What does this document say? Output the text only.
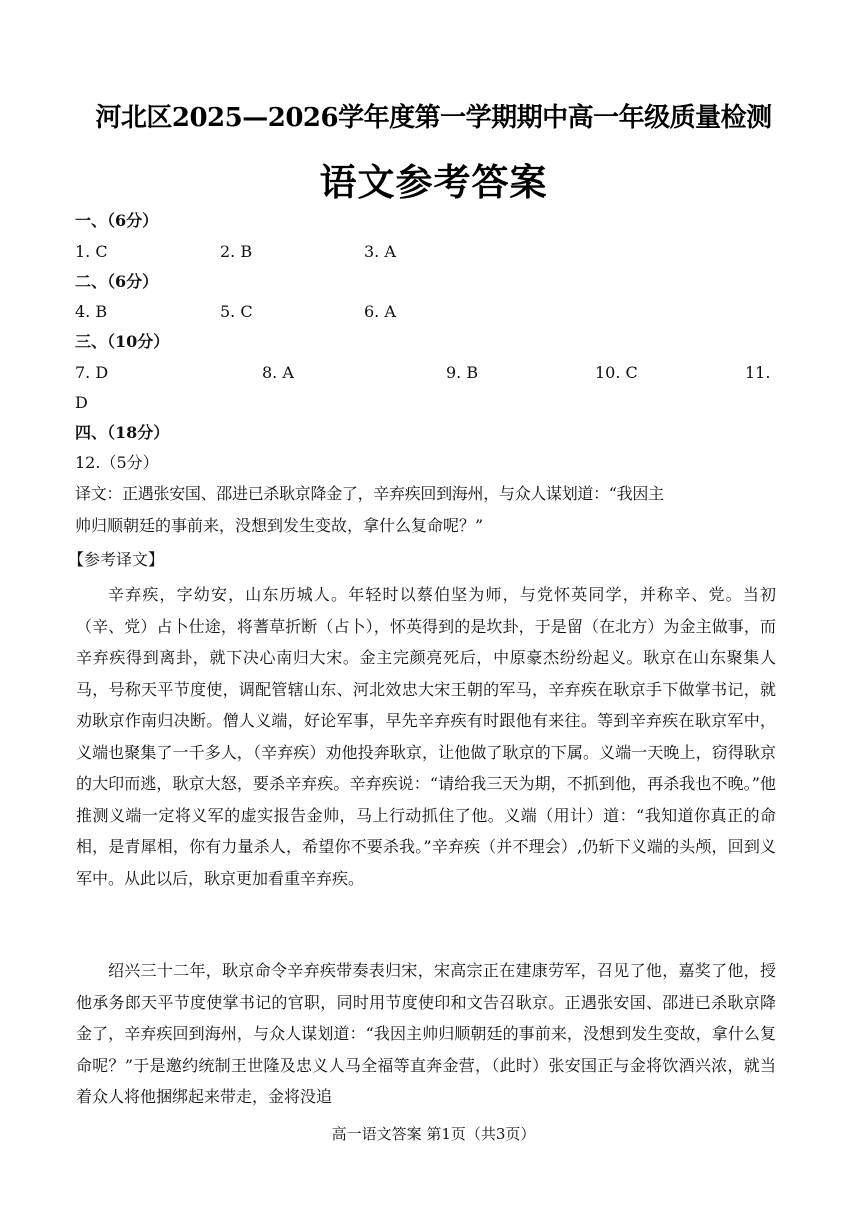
河北区2025—2026学年度第一学期期中高一年级质量检测
语文参考答案
一、（6分）
1. C	2. B	3. A
二、（6分）
4. B	5. C	6. A
三、（10分）
7. D	8. A	9. B	10. C	11.
D
四、（18分）
12.（5分）
译文：正遇张安国、邵进已杀耿京降金了，辛弃疾回到海州，与众人谋划道：“我因主
帅归顺朝廷的事前来，没想到发生变故，拿什么复命呢？”
【参考译文】

辛弃疾，字幼安，山东历城人。年轻时以蔡伯坚为师，与党怀英同学，并称辛、党。当初（辛、党）占卜仕途，将蓍草折断（占卜），怀英得到的是坎卦，于是留（在北方）为金主做事，而辛弃疾得到离卦，就下决心南归大宋。金主完颜亮死后，中原豪杰纷纷起义。耿京在山东聚集人马，号称天平节度使，调配管辖山东、河北效忠大宋王朝的军马，辛弃疾在耿京手下做掌书记，就劝耿京作南归决断。僧人义端，好论军事，早先辛弃疾有时跟他有来往。等到辛弃疾在耿京军中，义端也聚集了一千多人，（辛弃疾）劝他投奔耿京，让他做了耿京的下属。义端一天晚上，窃得耿京的大印而逃，耿京大怒，要杀辛弃疾。辛弃疾说：“请给我三天为期，不抓到他，再杀我也不晚。”他推测义端一定将义军的虚实报告金帅，马上行动抓住了他。义端（用计）道：“我知道你真正的命相，是青犀相，你有力量杀人，希望你不要杀我。”辛弃疾（并不理会）,仍斩下义端的头颅，回到义军中。从此以后，耿京更加看重辛弃疾。

绍兴三十二年，耿京命令辛弃疾带奏表归宋，宋高宗正在建康劳军，召见了他，嘉奖了他，授他承务郎天平节度使掌书记的官职，同时用节度使印和文告召耿京。正遇张安国、邵进已杀耿京降金了，辛弃疾回到海州，与众人谋划道：“我因主帅归顺朝廷的事前来，没想到发生变故，拿什么复命呢？”于是邀约统制王世隆及忠义人马全福等直奔金营，（此时）张安国正与金将饮酒兴浓，就当着众人将他捆绑起来带走，金将没追

高一语文答案 第1页（共3页）
